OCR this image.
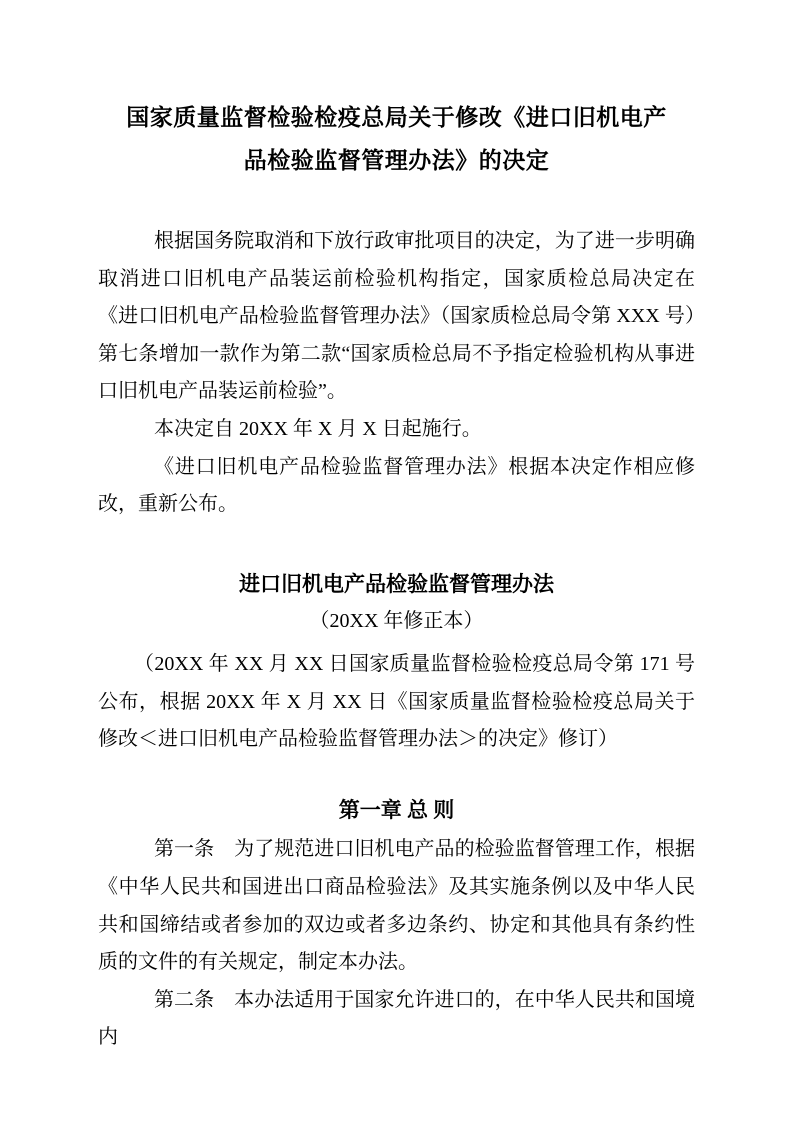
国家质量监督检验检疫总局关于修改《进口旧机电产品检验监督管理办法》的决定

根据国务院取消和下放行政审批项目的决定，为了进一步明确取消进口旧机电产品装运前检验机构指定，国家质检总局决定在《进口旧机电产品检验监督管理办法》（国家质检总局令第 XXX 号）第七条增加一款作为第二款“国家质检总局不予指定检验机构从事进口旧机电产品装运前检验”。

本决定自 20XX 年 X 月 X 日起施行。

《进口旧机电产品检验监督管理办法》根据本决定作相应修改，重新公布。

进口旧机电产品检验监督管理办法
（20XX 年修正本）

（20XX 年 XX 月 XX 日国家质量监督检验检疫总局令第 171 号公布，根据 20XX 年 X 月 XX 日《国家质量监督检验检疫总局关于修改＜进口旧机电产品检验监督管理办法＞的决定》修订）

第一章 总 则

第一条　为了规范进口旧机电产品的检验监督管理工作，根据《中华人民共和国进出口商品检验法》及其实施条例以及中华人民共和国缔结或者参加的双边或者多边条约、协定和其他具有条约性质的文件的有关规定，制定本办法。

第二条　本办法适用于国家允许进口的，在中华人民共和国境内
